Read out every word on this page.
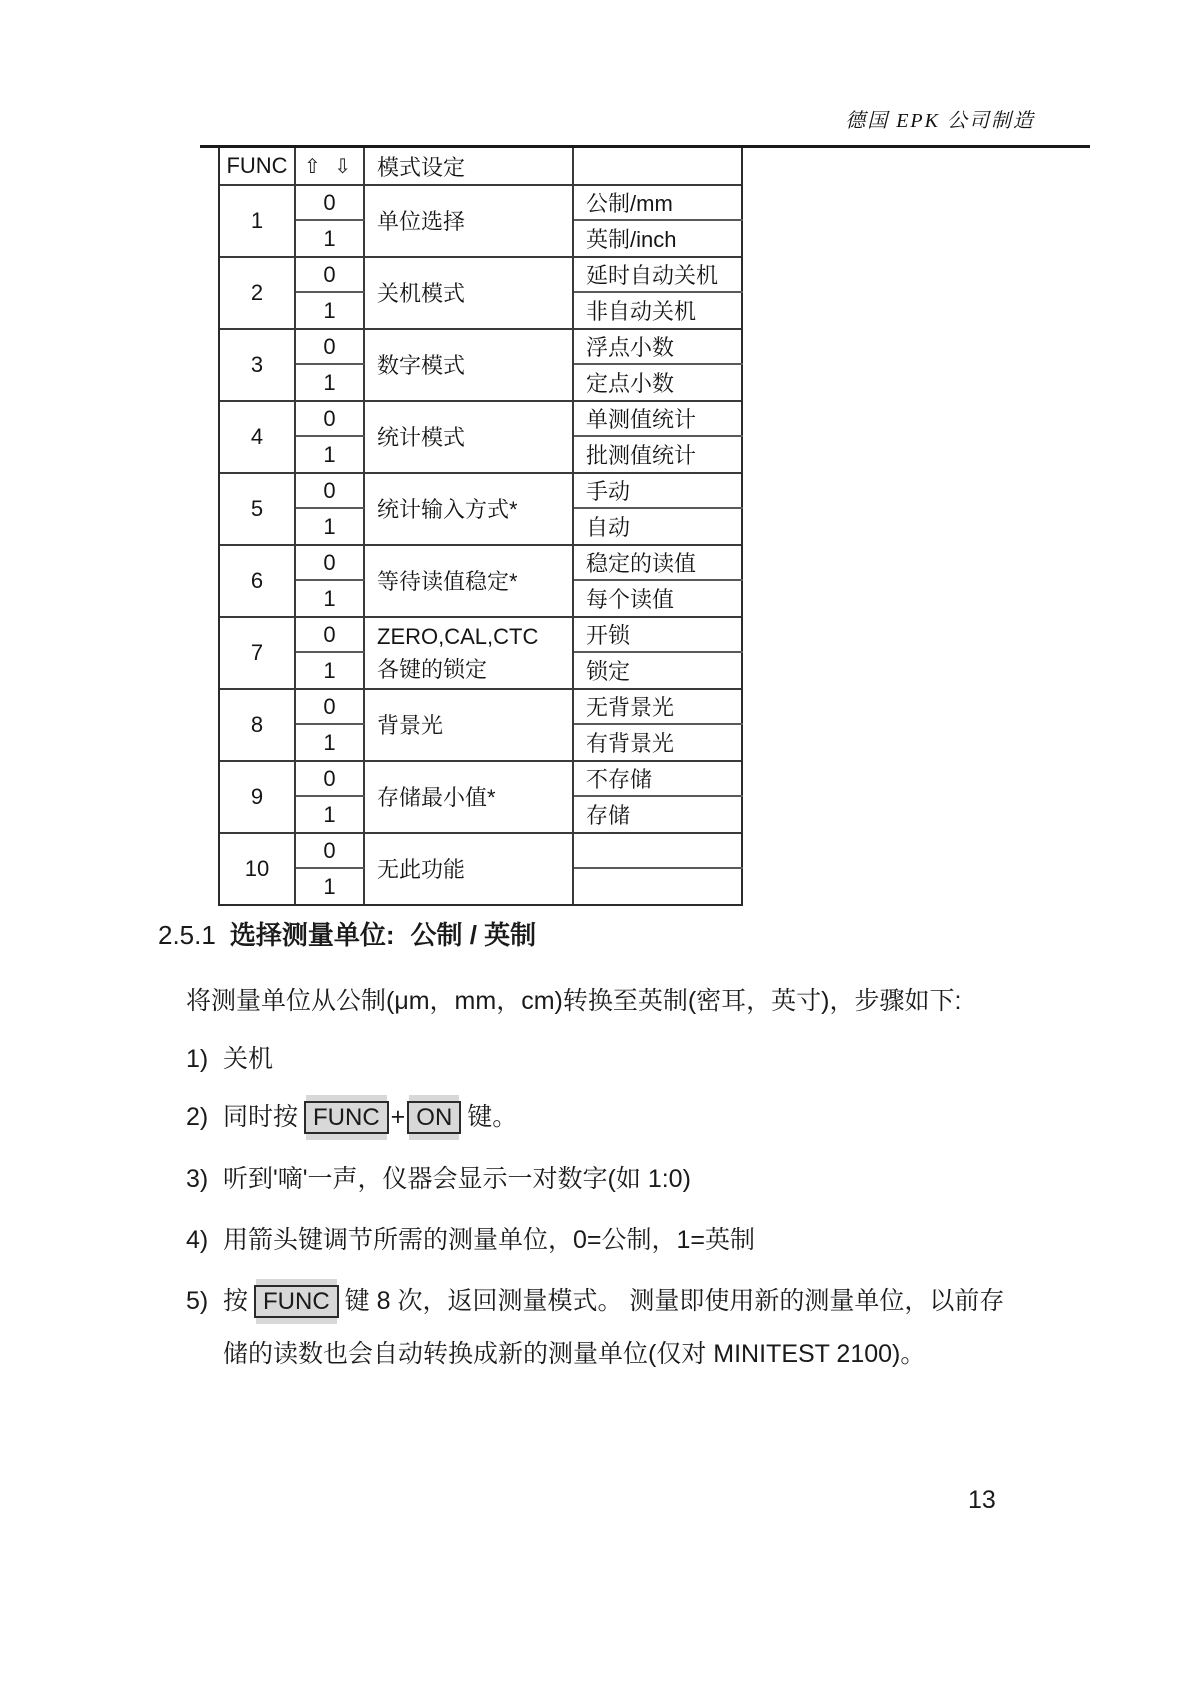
德国 EPK 公司制造
FUNC ⇧ ⇩ 模式设定
1
0
1
单位选择
公制/mm
英制/inch
2
0
1
关机模式
延时自动关机
非自动关机
3
0
1
数字模式
浮点小数
定点小数
4
0
1
统计模式
单测值统计
批测值统计
5
0
1
统计输入方式*
手动
自动
6
0
1
等待读值稳定*
稳定的读值
每个读值
7
0
1
ZERO,CAL,CTC 各键的锁定
开锁
锁定
8
0
1
背景光
无背景光
有背景光
9
0
1
存储最小值*
不存储
存储
10
0
1
无此功能
2.5.1 选择测量单位: 公制 / 英制
将测量单位从公制(μm，mm，cm)转换至英制(密耳，英寸)，步骤如下:
1) 关机
2) 同时按 FUNC + ON 键。
3) 听到'嘀'一声，仪器会显示一对数字(如 1:0)
4) 用箭头键调节所需的测量单位，0=公制，1=英制
5) 按 FUNC 键 8 次，返回测量模式。 测量即使用新的测量单位，以前存
储的读数也会自动转换成新的测量单位(仅对 MINITEST 2100)。
13
